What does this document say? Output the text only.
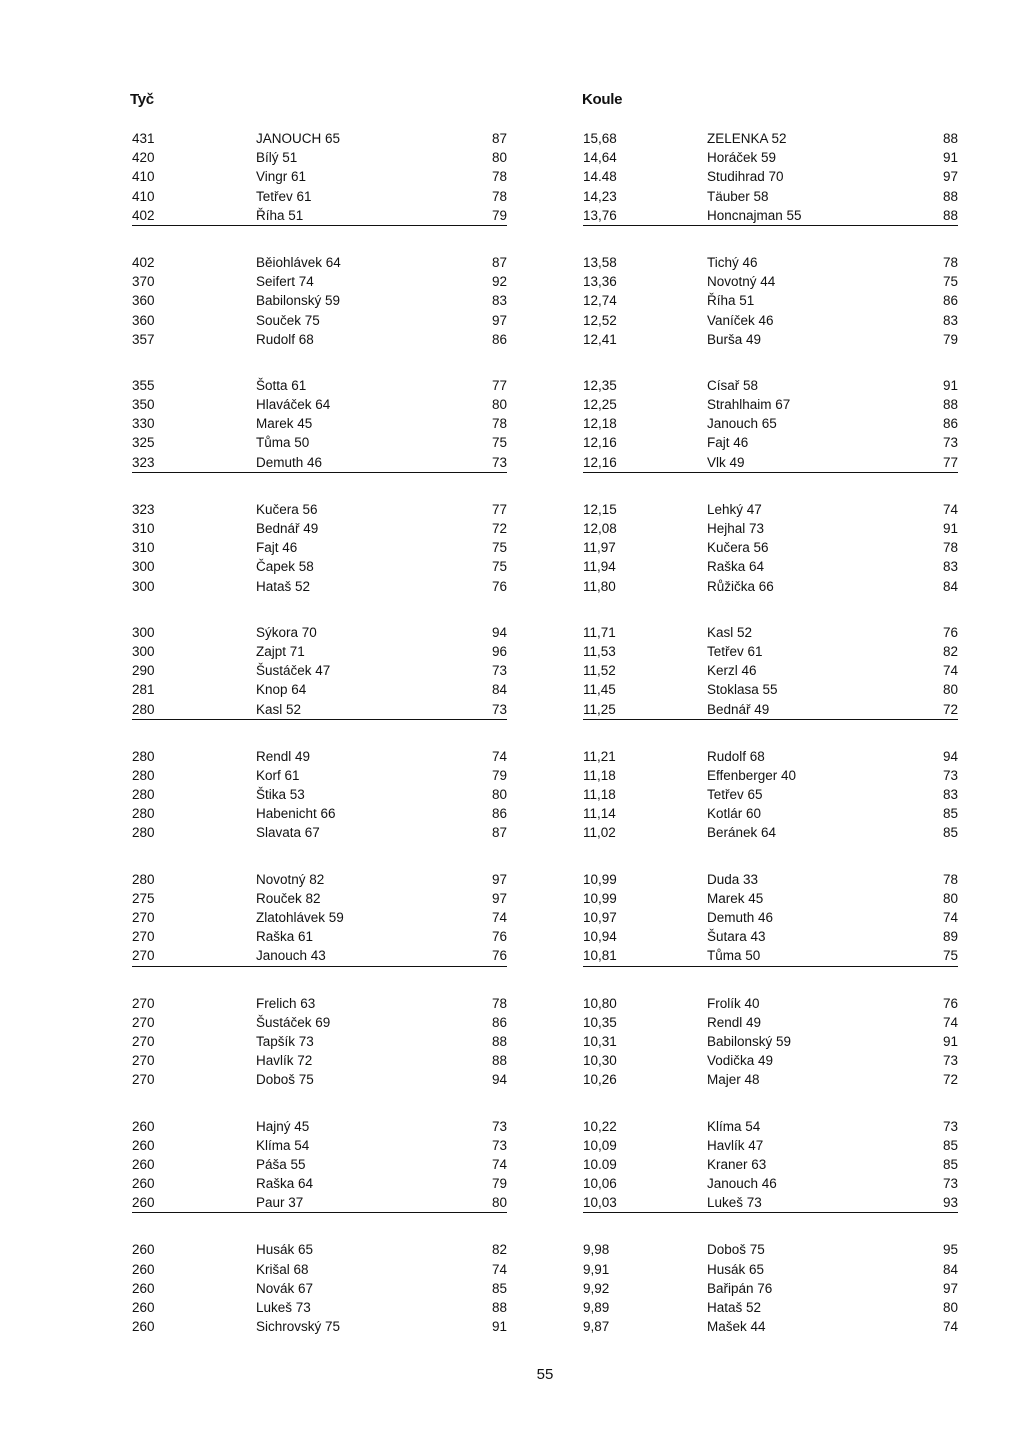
Tyč	Koule
431	JANOUCH 65	87
420	Bílý 51	80
410	Vingr 61	78
410	Tetřev 61	78
402	Říha 51	79
402	Běiohlávek 64	87
370	Seifert 74	92
360	Babilonský 59	83
360	Souček 75	97
357	Rudolf 68	86
355	Šotta 61	77
350	Hlaváček 64	80
330	Marek 45	78
325	Tůma 50	75
323	Demuth 46	73
323	Kučera 56	77
310	Bednář 49	72
310	Fajt 46	75
300	Čapek 58	75
300	Hataš 52	76
300	Sýkora 70	94
300	Zajpt 71	96
290	Šustáček 47	73
281	Knop 64	84
280	Kasl 52	73
280	Rendl 49	74
280	Korf 61	79
280	Štika 53	80
280	Habenicht 66	86
280	Slavata 67	87
280	Novotný 82	97
275	Rouček 82	97
270	Zlatohlávek 59	74
270	Raška 61	76
270	Janouch 43	76
270	Frelich 63	78
270	Šustáček 69	86
270	Tapšík 73	88
270	Havlík 72	88
270	Doboš 75	94
260	Hajný 45	73
260	Klíma 54	73
260	Páša 55	74
260	Raška 64	79
260	Paur 37	80
260	Husák 65	82
260	Krišal 68	74
260	Novák 67	85
260	Lukeš 73	88
260	Sichrovský 75	91
15,68	ZELENKA 52	88
14,64	Horáček 59	91
14.48	Studihrad 70	97
14,23	Täuber 58	88
13,76	Honcnajman 55	88
13,58	Tichý 46	78
13,36	Novotný 44	75
12,74	Říha 51	86
12,52	Vaníček 46	83
12,41	Burša 49	79
12,35	Císař 58	91
12,25	Strahlhaim 67	88
12,18	Janouch 65	86
12,16	Fajt 46	73
12,16	Vlk 49	77
12,15	Lehký 47	74
12,08	Hejhal 73	91
11,97	Kučera 56	78
11,94	Raška 64	83
11,80	Růžička 66	84
11,71	Kasl 52	76
11,53	Tetřev 61	82
11,52	Kerzl 46	74
11,45	Stoklasa 55	80
11,25	Bednář 49	72
11,21	Rudolf 68	94
11,18	Effenberger 40	73
11,18	Tetřev 65	83
11,14	Kotlár 60	85
11,02	Beránek 64	85
10,99	Duda 33	78
10,99	Marek 45	80
10,97	Demuth 46	74
10,94	Šutara 43	89
10,81	Tůma 50	75
10,80	Frolík 40	76
10,35	Rendl 49	74
10,31	Babilonský 59	91
10,30	Vodička 49	73
10,26	Majer 48	72
10,22	Klíma 54	73
10,09	Havlík 47	85
10.09	Kraner 63	85
10,06	Janouch 46	73
10,03	Lukeš 73	93
9,98	Doboš 75	95
9,91	Husák 65	84
9,92	Bařipán 76	97
9,89	Hataš 52	80
9,87	Mašek 44	74
55
